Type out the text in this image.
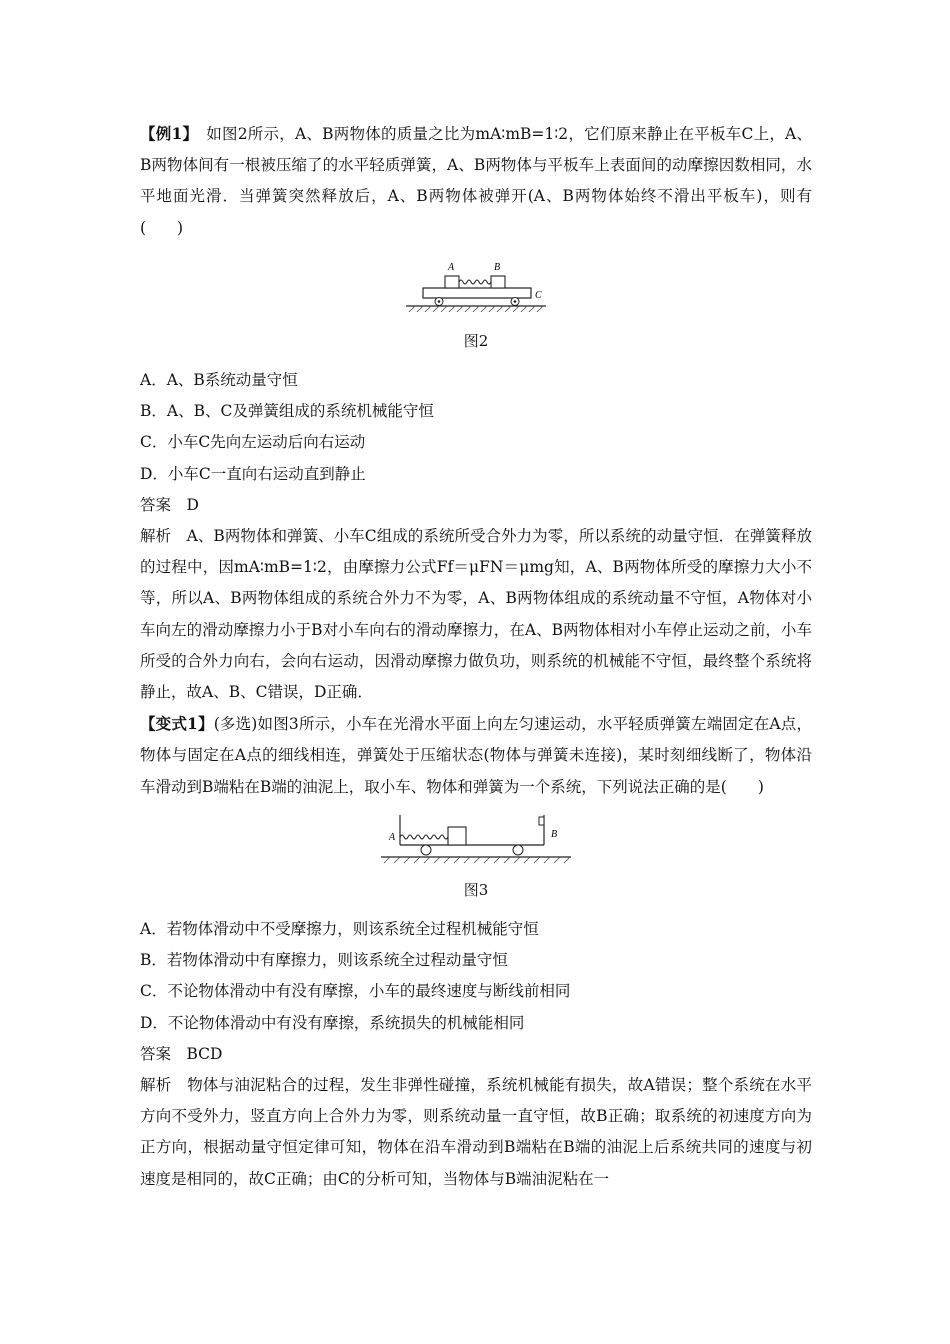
【例1】　如图2所示，A、B两物体的质量之比为mA∶mB=1∶2，它们原来静止在平板车C上，A、B两物体间有一根被压缩了的水平轻质弹簧，A、B两物体与平板车上表面间的动摩擦因数相同，水平地面光滑．当弹簧突然释放后，A、B两物体被弹开(A、B两物体始终不滑出平板车)，则有(　　)

A	B
C
图2

A．A、B系统动量守恒

B．A、B、C及弹簧组成的系统机械能守恒

C．小车C先向左运动后向右运动

D．小车C一直向右运动直到静止

答案　D

解析　A、B两物体和弹簧、小车C组成的系统所受合外力为零，所以系统的动量守恒．在弹簧释放的过程中，因mA∶mB=1∶2，由摩擦力公式Ff＝μFN＝μmg知，A、B两物体所受的摩擦力大小不等，所以A、B两物体组成的系统合外力不为零，A、B两物体组成的系统动量不守恒，A物体对小车向左的滑动摩擦力小于B对小车向右的滑动摩擦力，在A、B两物体相对小车停止运动之前，小车所受的合外力向右，会向右运动，因滑动摩擦力做负功，则系统的机械能不守恒，最终整个系统将静止，故A、B、C错误，D正确．

【变式1】(多选)如图3所示，小车在光滑水平面上向左匀速运动，水平轻质弹簧左端固定在A点，物体与固定在A点的细线相连，弹簧处于压缩状态(物体与弹簧未连接)，某时刻细线断了，物体沿车滑动到B端粘在B端的油泥上，取小车、物体和弹簧为一个系统，下列说法正确的是(　　)

A	B
图3

A．若物体滑动中不受摩擦力，则该系统全过程机械能守恒

B．若物体滑动中有摩擦力，则该系统全过程动量守恒

C．不论物体滑动中有没有摩擦，小车的最终速度与断线前相同

D．不论物体滑动中有没有摩擦，系统损失的机械能相同

答案　BCD

解析　物体与油泥粘合的过程，发生非弹性碰撞，系统机械能有损失，故A错误；整个系统在水平方向不受外力，竖直方向上合外力为零，则系统动量一直守恒，故B正确；取系统的初速度方向为正方向，根据动量守恒定律可知，物体在沿车滑动到B端粘在B端的油泥上后系统共同的速度与初速度是相同的，故C正确；由C的分析可知，当物体与B端油泥粘在一
